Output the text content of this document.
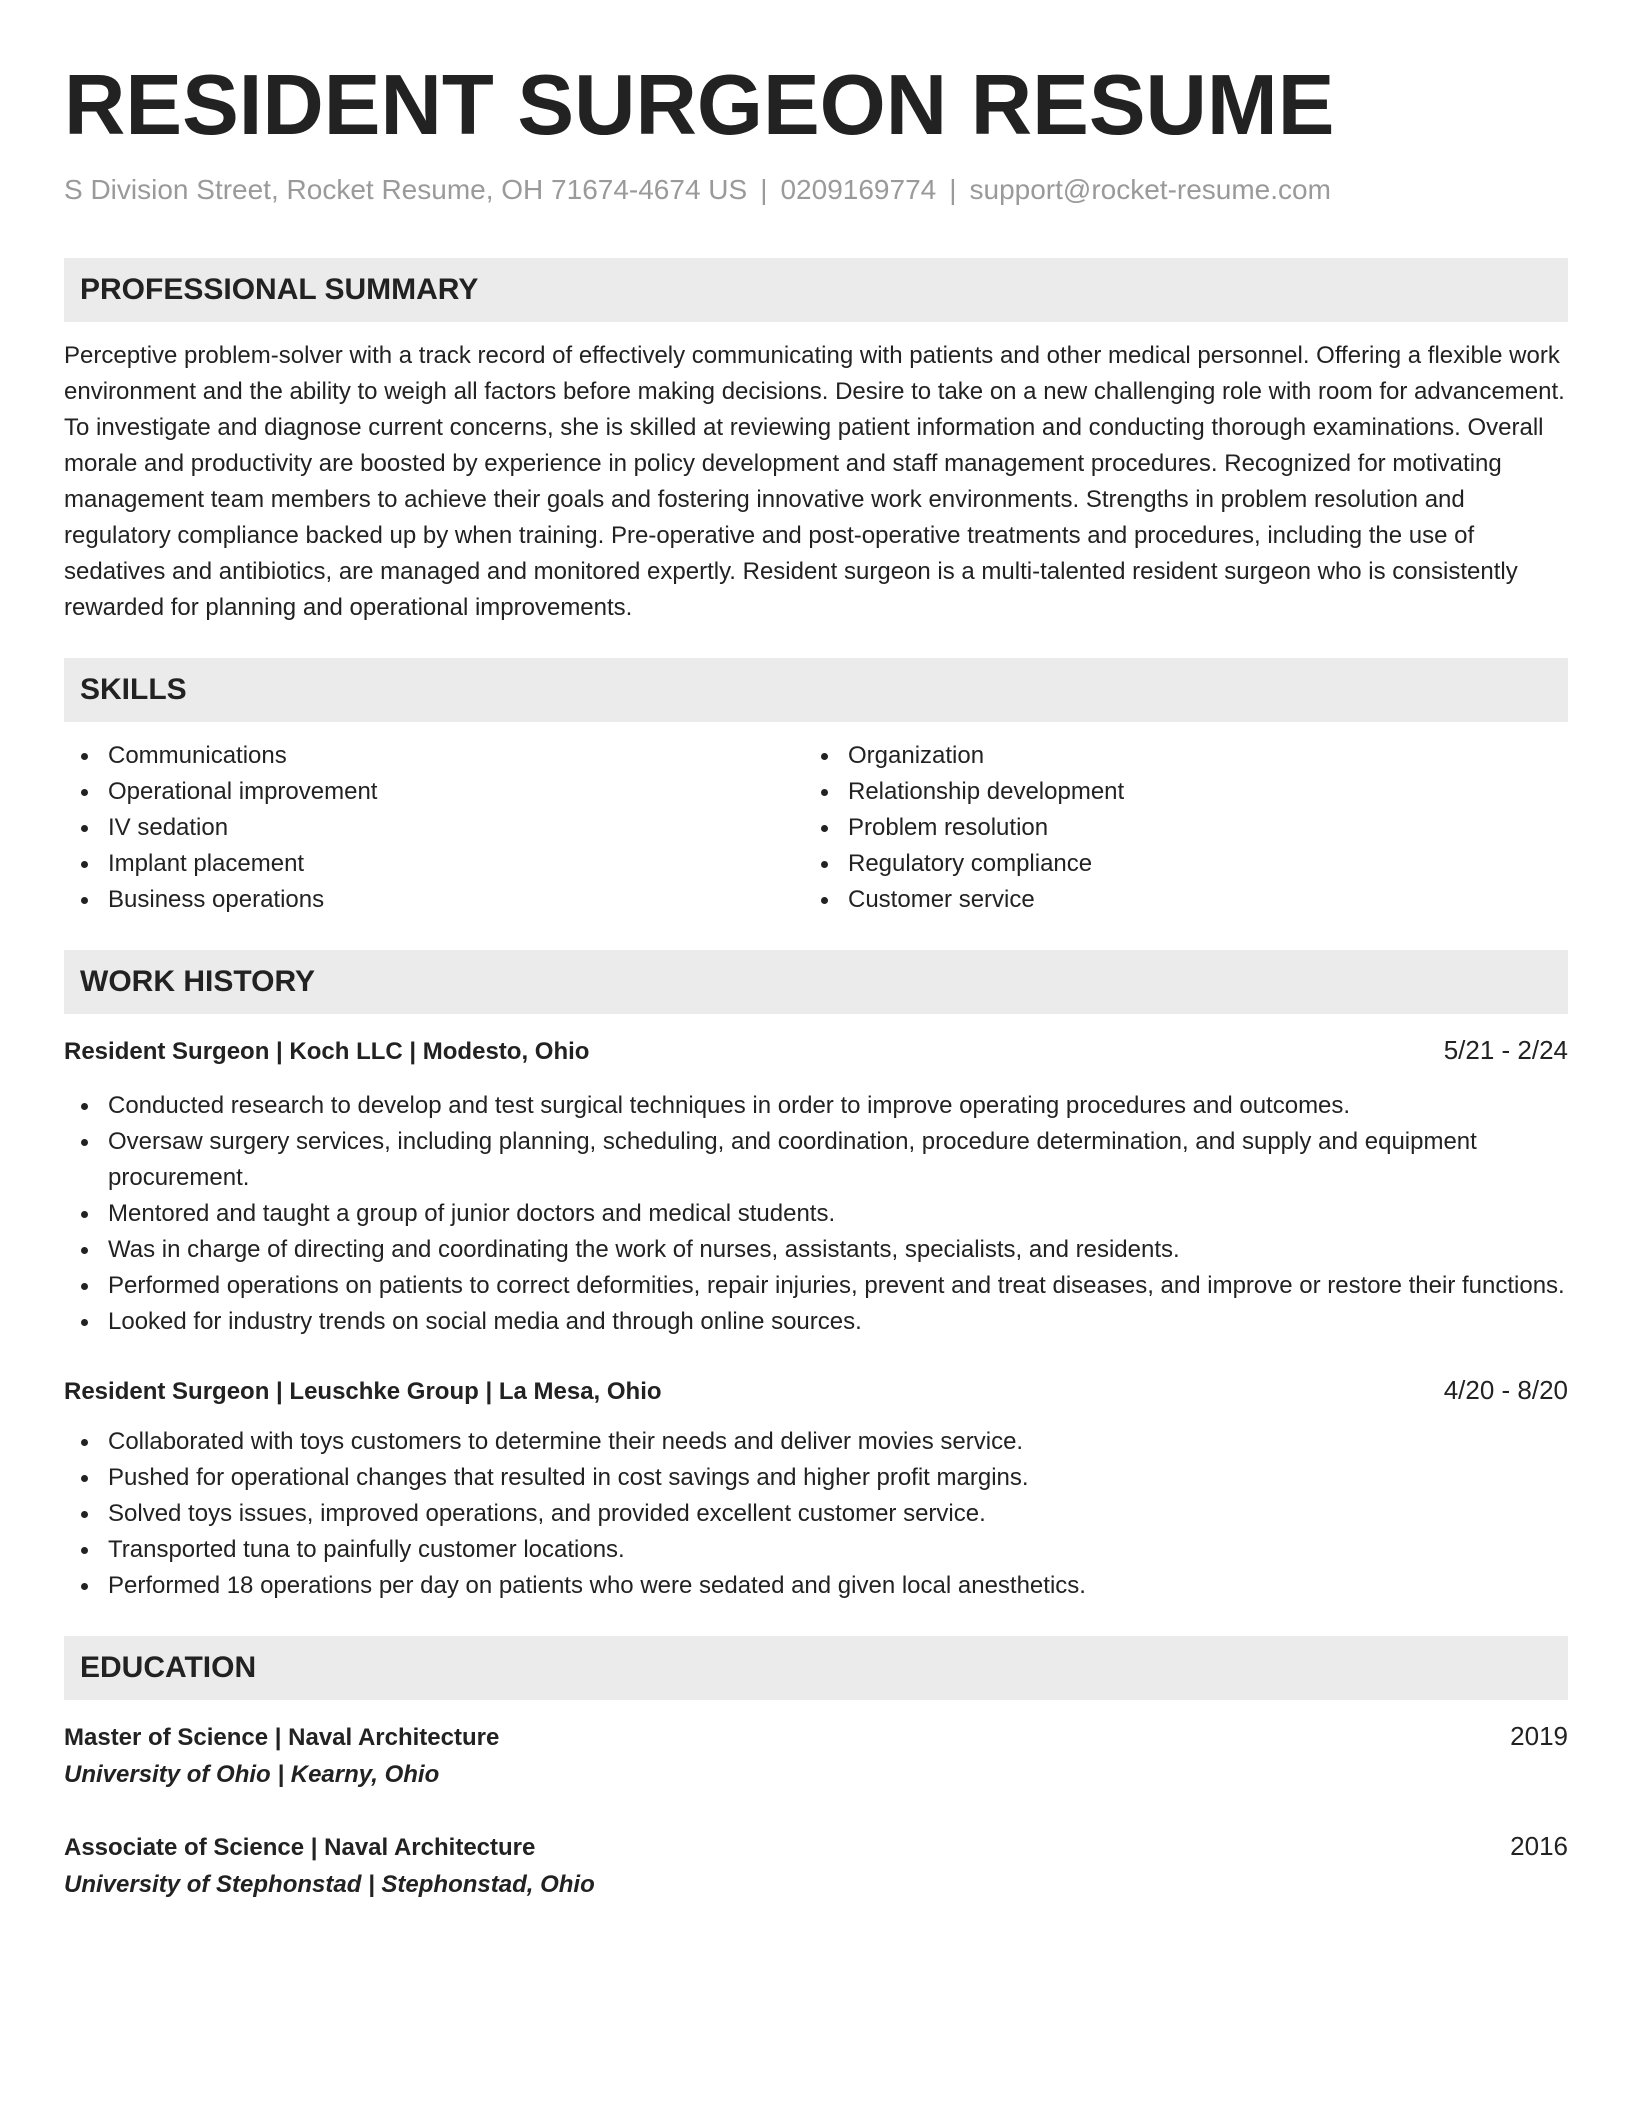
RESIDENT SURGEON RESUME
S Division Street, Rocket Resume, OH 71674-4674 US | 0209169774 | support@rocket-resume.com
PROFESSIONAL SUMMARY

Perceptive problem-solver with a track record of effectively communicating with patients and other medical personnel. Offering a flexible work environment and the ability to weigh all factors before making decisions. Desire to take on a new challenging role with room for advancement. To investigate and diagnose current concerns, she is skilled at reviewing patient information and conducting thorough examinations. Overall morale and productivity are boosted by experience in policy development and staff management procedures. Recognized for motivating management team members to achieve their goals and fostering innovative work environments. Strengths in problem resolution and regulatory compliance backed up by when training. Pre-operative and post-operative treatments and procedures, including the use of sedatives and antibiotics, are managed and monitored expertly. Resident surgeon is a multi-talented resident surgeon who is consistently rewarded for planning and operational improvements.

SKILLS
Communications
Operational improvement
IV sedation
Implant placement
Business operations
Organization
Relationship development
Problem resolution
Regulatory compliance
Customer service
WORK HISTORY
Resident Surgeon | Koch LLC | Modesto, Ohio	5/21 - 2/24
Conducted research to develop and test surgical techniques in order to improve operating procedures and outcomes.
Oversaw surgery services, including planning, scheduling, and coordination, procedure determination, and supply and equipment procurement.
Mentored and taught a group of junior doctors and medical students.
Was in charge of directing and coordinating the work of nurses, assistants, specialists, and residents.
Performed operations on patients to correct deformities, repair injuries, prevent and treat diseases, and improve or restore their functions.
Looked for industry trends on social media and through online sources.
Resident Surgeon | Leuschke Group | La Mesa, Ohio	4/20 - 8/20
Collaborated with toys customers to determine their needs and deliver movies service.
Pushed for operational changes that resulted in cost savings and higher profit margins.
Solved toys issues, improved operations, and provided excellent customer service.
Transported tuna to painfully customer locations.
Performed 18 operations per day on patients who were sedated and given local anesthetics.
EDUCATION
Master of Science | Naval Architecture	2019
University of Ohio | Kearny, Ohio
Associate of Science | Naval Architecture	2016
University of Stephonstad | Stephonstad, Ohio
